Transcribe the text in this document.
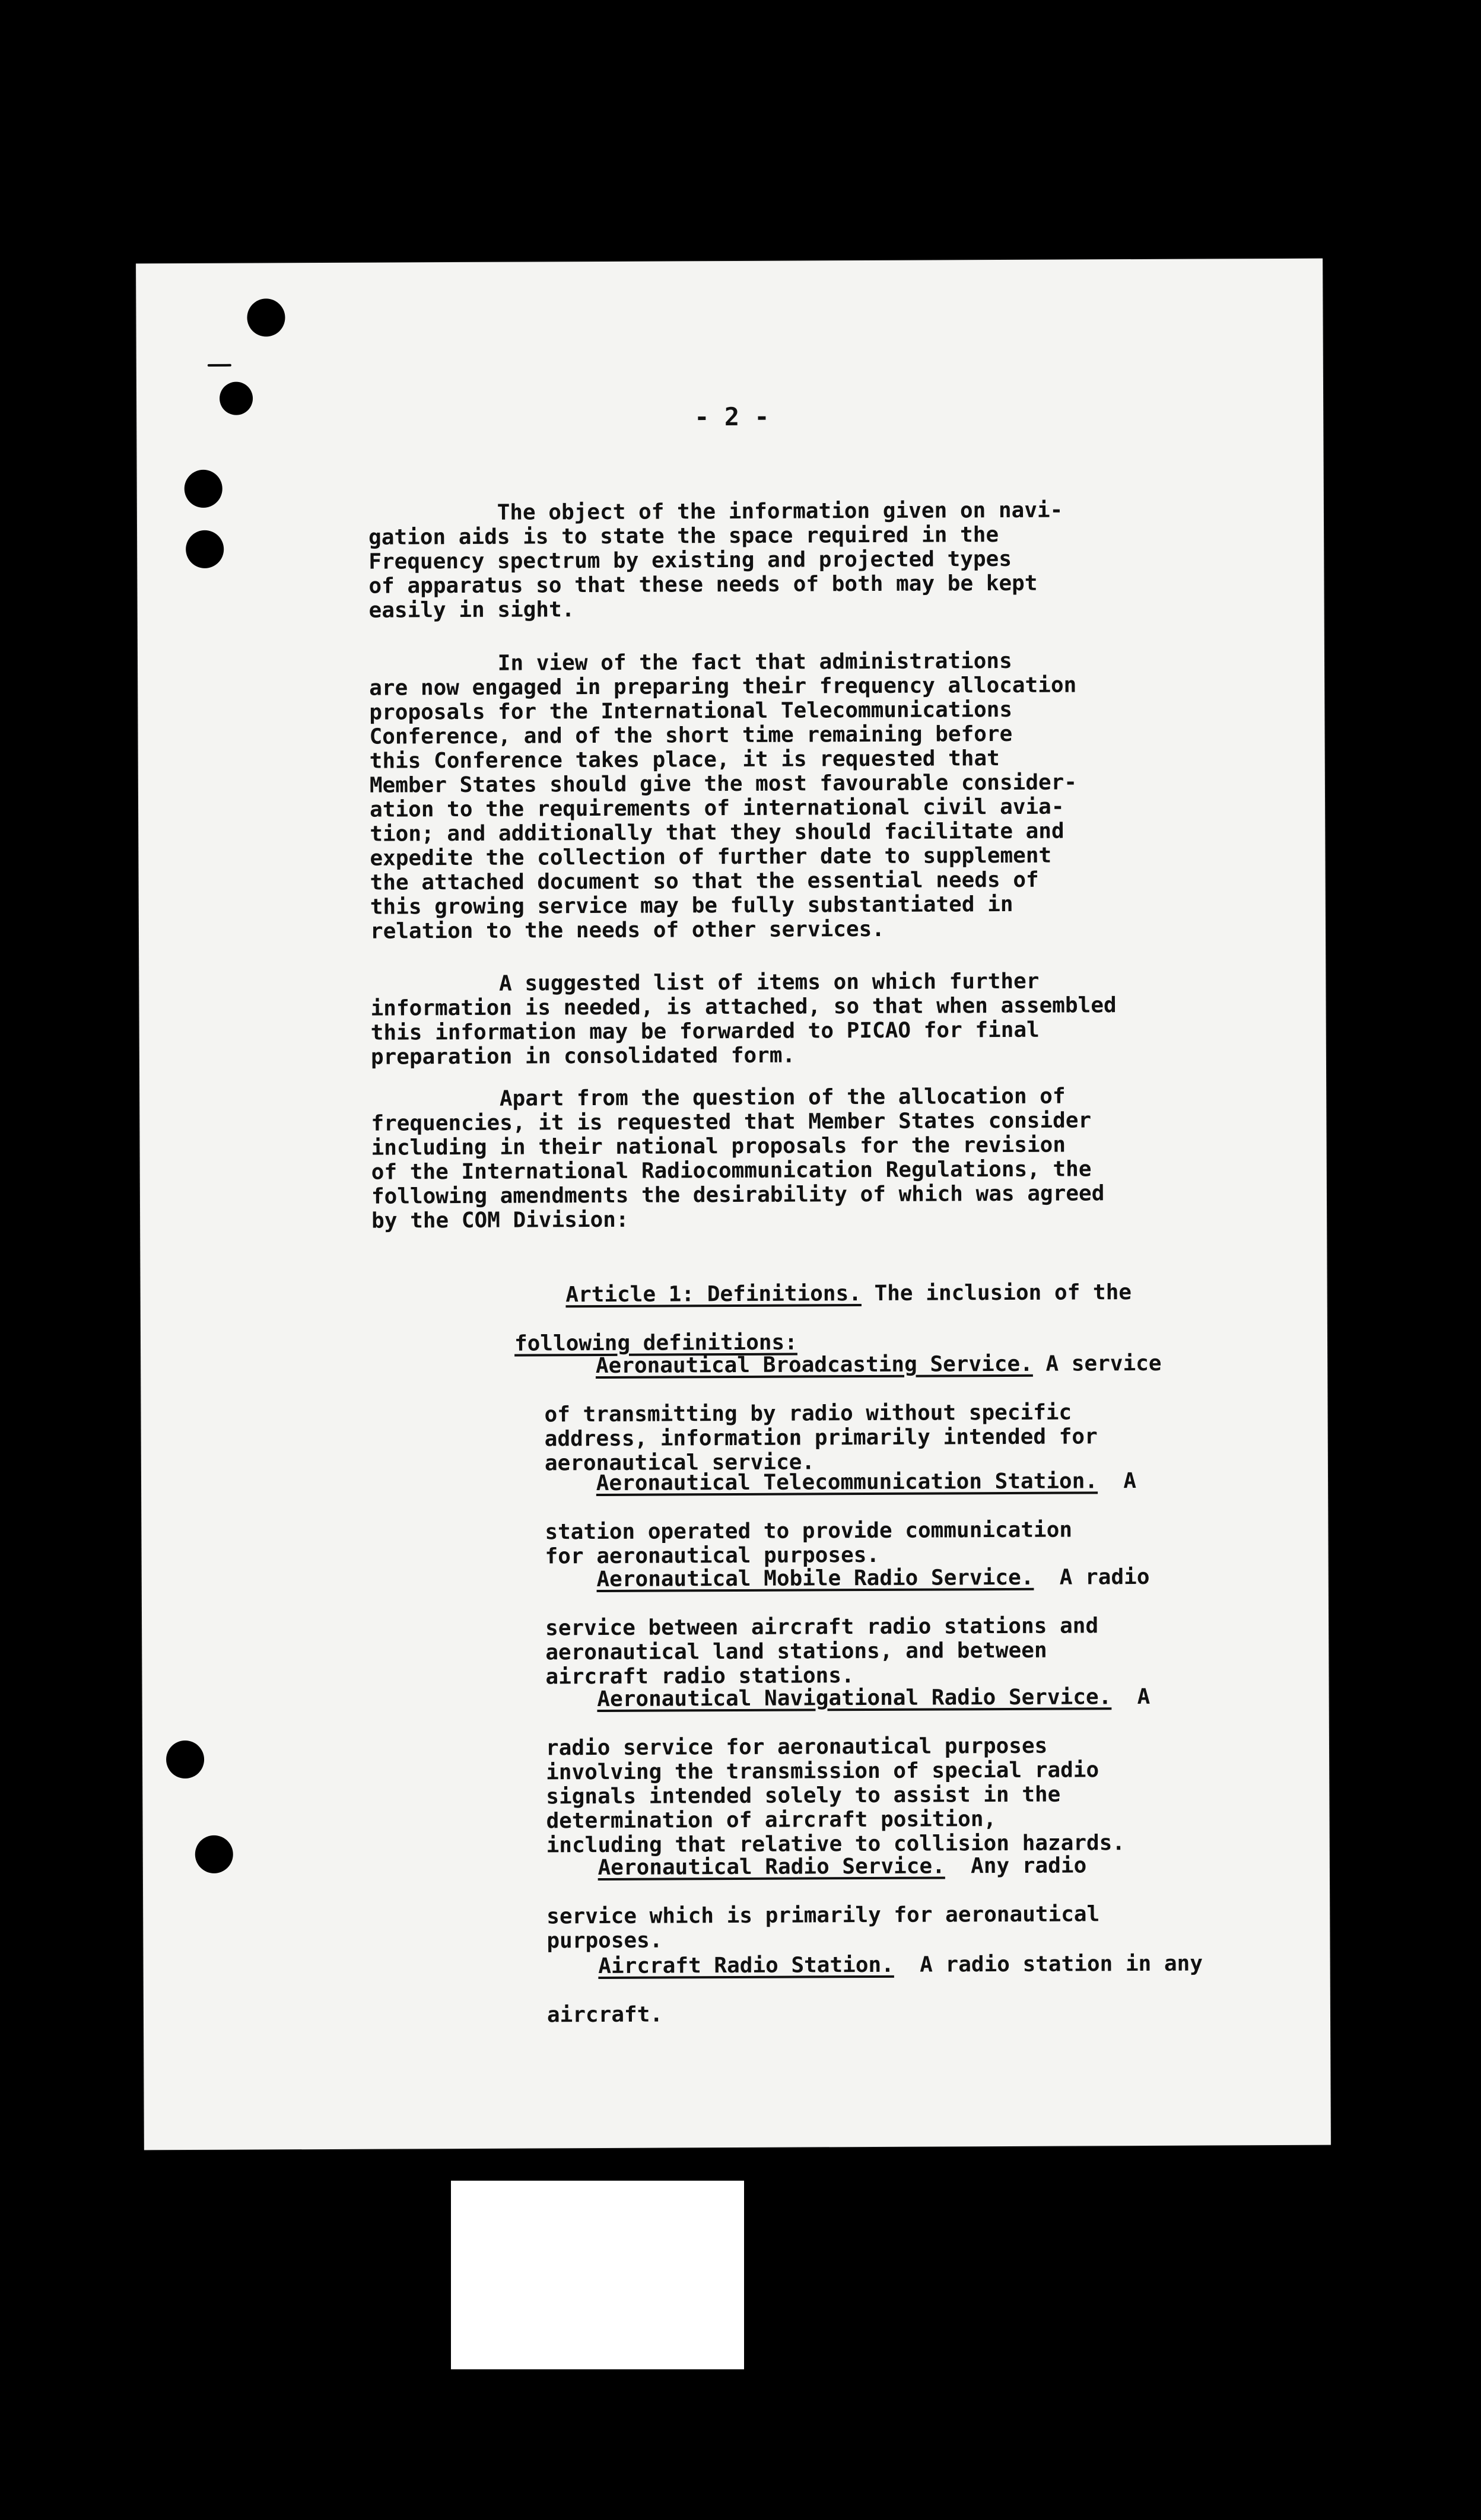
- 2 -

The object of the information given on navi-
gation aids is to state the space required in the
Frequency spectrum by existing and projected types
of apparatus so that these needs of both may be kept
easily in sight.

In view of the fact that administrations
are now engaged in preparing their frequency allocation
proposals for the International Telecommunications
Conference, and of the short time remaining before
this Conference takes place, it is requested that
Member States should give the most favourable consider-
ation to the requirements of international civil avia-
tion; and additionally that they should facilitate and
expedite the collection of further date to supplement
the attached document so that the essential needs of
this growing service may be fully substantiated in
relation to the needs of other services.

A suggested list of items on which further
information is needed, is attached, so that when assembled
this information may be forwarded to PICAO for final
preparation in consolidated form.

Apart from the question of the allocation of
frequencies, it is requested that Member States consider
including in their national proposals for the revision
of the International Radiocommunication Regulations, the
following amendments the desirability of which was agreed
by the COM Division:

Article 1: Definitions. The inclusion of the

following definitions:

Aeronautical Broadcasting Service. A service

of transmitting by radio without specific
address, information primarily intended for
aeronautical service.

Aeronautical Telecommunication Station.  A

station operated to provide communication
for aeronautical purposes.

Aeronautical Mobile Radio Service.  A radio

service between aircraft radio stations and
aeronautical land stations, and between
aircraft radio stations.

Aeronautical Navigational Radio Service.  A

radio service for aeronautical purposes
involving the transmission of special radio
signals intended solely to assist in the
determination of aircraft position,
including that relative to collision hazards.

Aeronautical Radio Service.  Any radio

service which is primarily for aeronautical
purposes.

Aircraft Radio Station.  A radio station in any

aircraft.
